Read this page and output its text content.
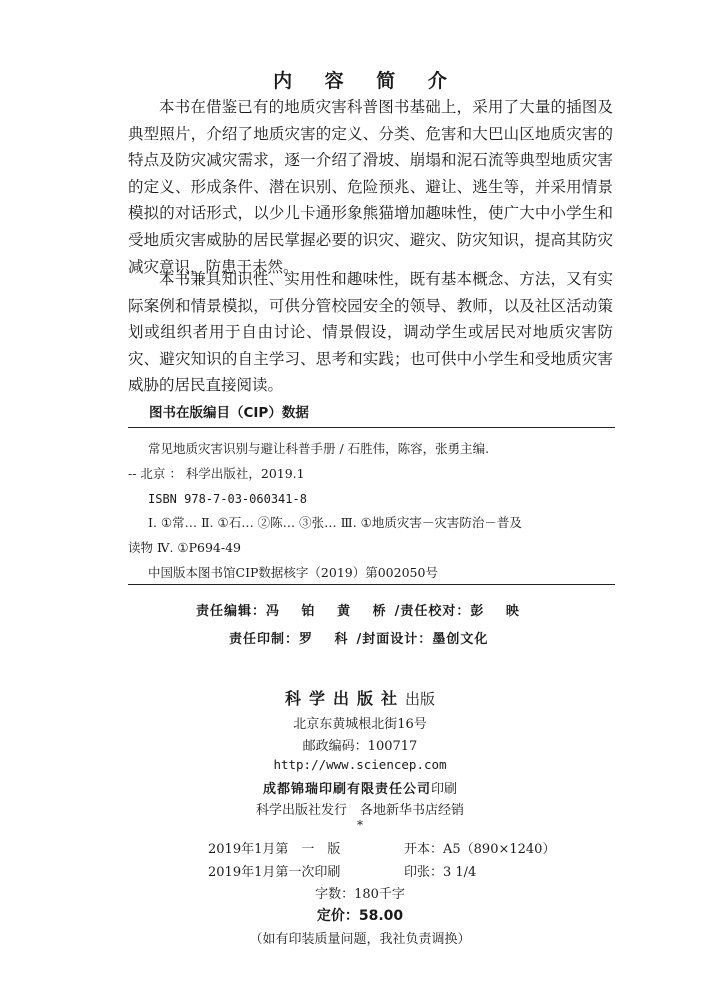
内 容 简 介

本书在借鉴已有的地质灾害科普图书基础上，采用了大量的插图及典型照片，介绍了地质灾害的定义、分类、危害和大巴山区地质灾害的特点及防灾减灾需求，逐一介绍了滑坡、崩塌和泥石流等典型地质灾害的定义、形成条件、潜在识别、危险预兆、避让、逃生等，并采用情景模拟的对话形式，以少儿卡通形象熊猫增加趣味性，使广大中小学生和受地质灾害威胁的居民掌握必要的识灾、避灾、防灾知识，提高其防灾减灾意识，防患于未然。

本书兼具知识性、实用性和趣味性，既有基本概念、方法，又有实际案例和情景模拟，可供分管校园安全的领导、教师，以及社区活动策划或组织者用于自由讨论、情景假设，调动学生或居民对地质灾害防灾、避灾知识的自主学习、思考和实践；也可供中小学生和受地质灾害威胁的居民直接阅读。

图书在版编目（CIP）数据
常见地质灾害识别与避让科普手册 / 石胜伟，陈容，张勇主编.
-- 北京 ： 科学出版社，2019.1
ISBN 978-7-03-060341-8
Ⅰ. ①常… Ⅱ. ①石… ②陈… ③张… Ⅲ. ①地质灾害－灾害防治－普及
读物 Ⅳ. ①P694-49
中国版本图书馆CIP数据核字（2019）第002050号
责任编辑：冯 铂 黄 桥/责任校对：彭 映
责任印制：罗 科/封面设计：墨创文化
科学出版社出版
北京东黄城根北街16号
邮政编码：100717
http://www.sciencep.com
成都锦瑞印刷有限责任公司印刷
科学出版社发行　各地新华书店经销
*
2019年1月第　一　版	开本：A5（890×1240）
2019年1月第一次印刷	印张：3 1/4
字数：180千字
定价：58.00
（如有印装质量问题，我社负责调换）
